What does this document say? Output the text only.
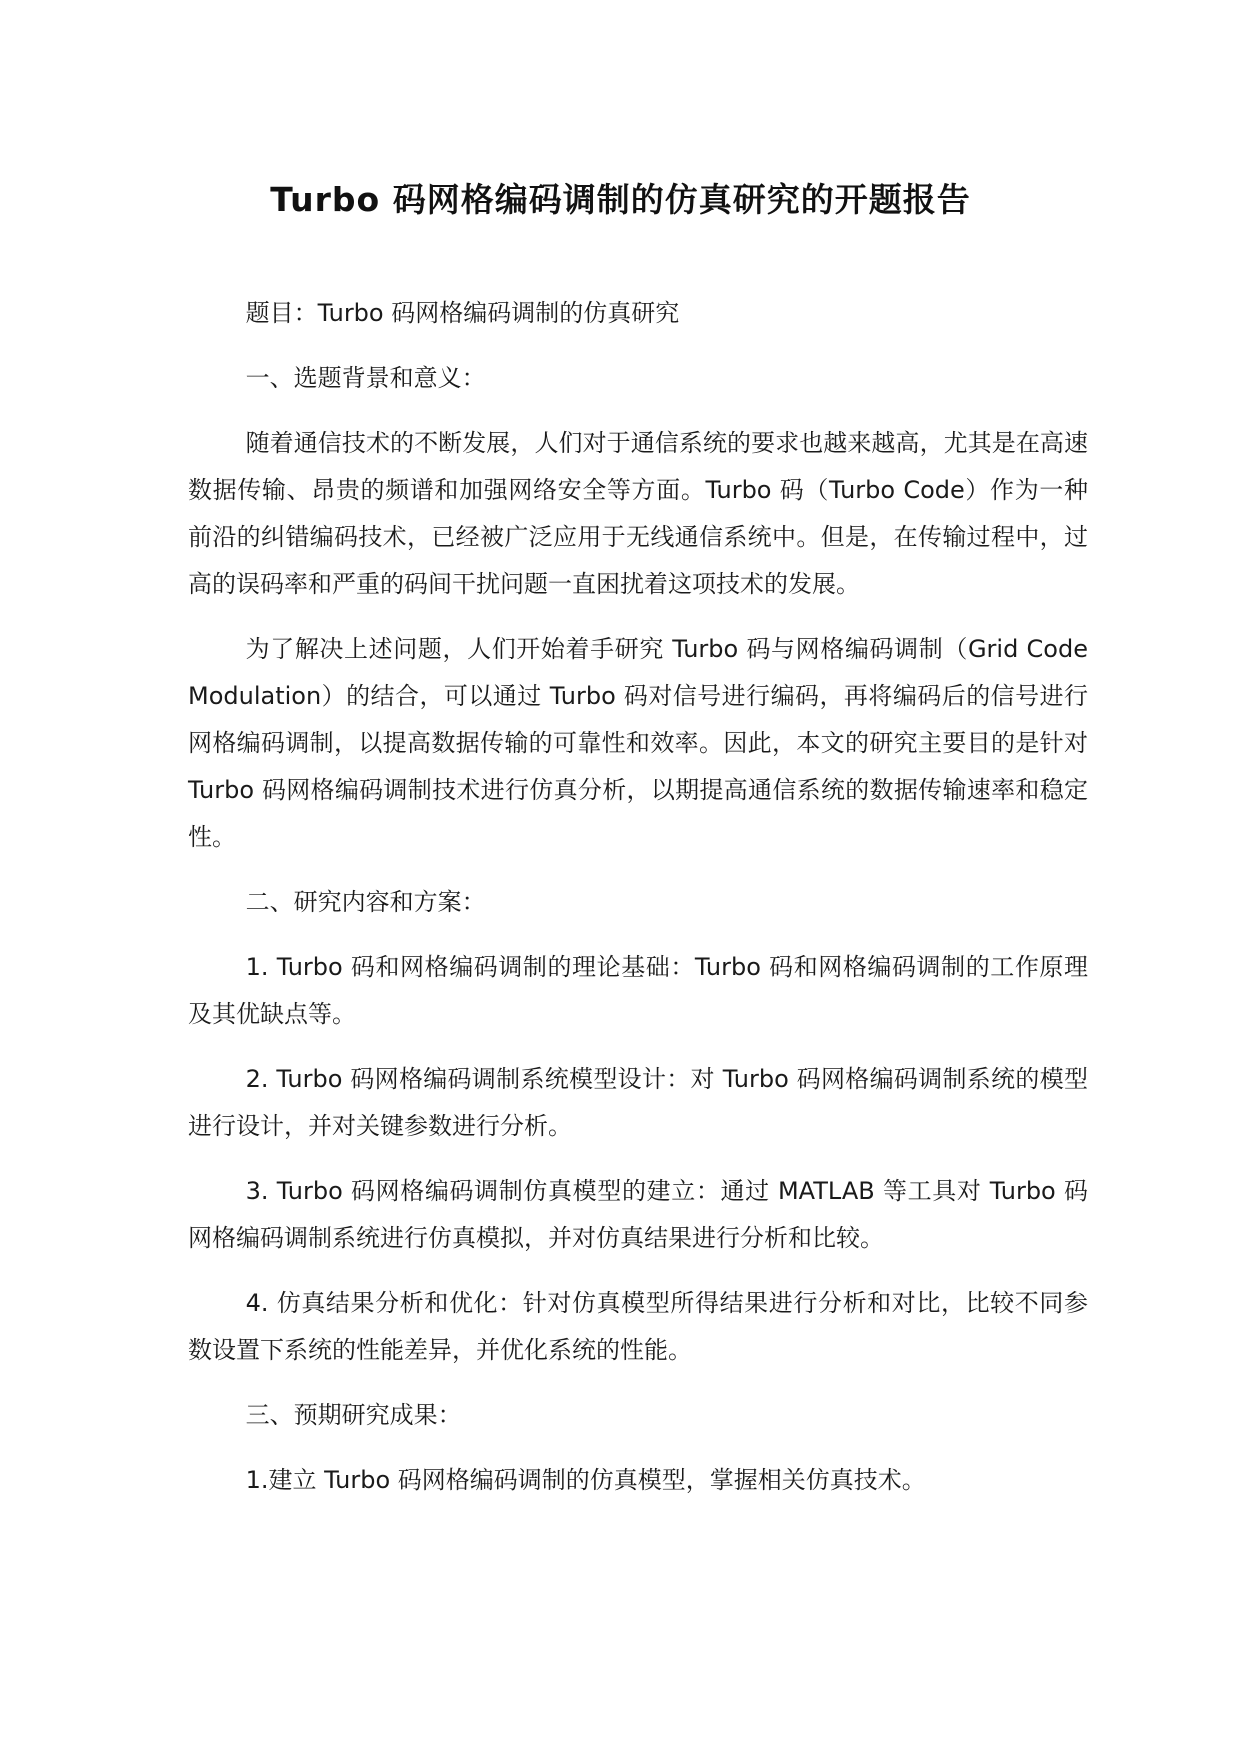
Turbo 码网格编码调制的仿真研究的开题报告

题目：Turbo 码网格编码调制的仿真研究

一、选题背景和意义：

随着通信技术的不断发展，人们对于通信系统的要求也越来越高，尤其是在高速数据传输、昂贵的频谱和加强网络安全等方面。Turbo 码（Turbo Code）作为一种前沿的纠错编码技术，已经被广泛应用于无线通信系统中。但是，在传输过程中，过高的误码率和严重的码间干扰问题一直困扰着这项技术的发展。

为了解决上述问题，人们开始着手研究 Turbo 码与网格编码调制（Grid Code Modulation）的结合，可以通过 Turbo 码对信号进行编码，再将编码后的信号进行网格编码调制，以提高数据传输的可靠性和效率。因此，本文的研究主要目的是针对 Turbo 码网格编码调制技术进行仿真分析，以期提高通信系统的数据传输速率和稳定性。

二、研究内容和方案：

1. Turbo 码和网格编码调制的理论基础：Turbo 码和网格编码调制的工作原理及其优缺点等。

2. Turbo 码网格编码调制系统模型设计：对 Turbo 码网格编码调制系统的模型进行设计，并对关键参数进行分析。

3. Turbo 码网格编码调制仿真模型的建立：通过 MATLAB 等工具对 Turbo 码网格编码调制系统进行仿真模拟，并对仿真结果进行分析和比较。

4. 仿真结果分析和优化：针对仿真模型所得结果进行分析和对比，比较不同参数设置下系统的性能差异，并优化系统的性能。

三、预期研究成果：

1.建立 Turbo 码网格编码调制的仿真模型，掌握相关仿真技术。
